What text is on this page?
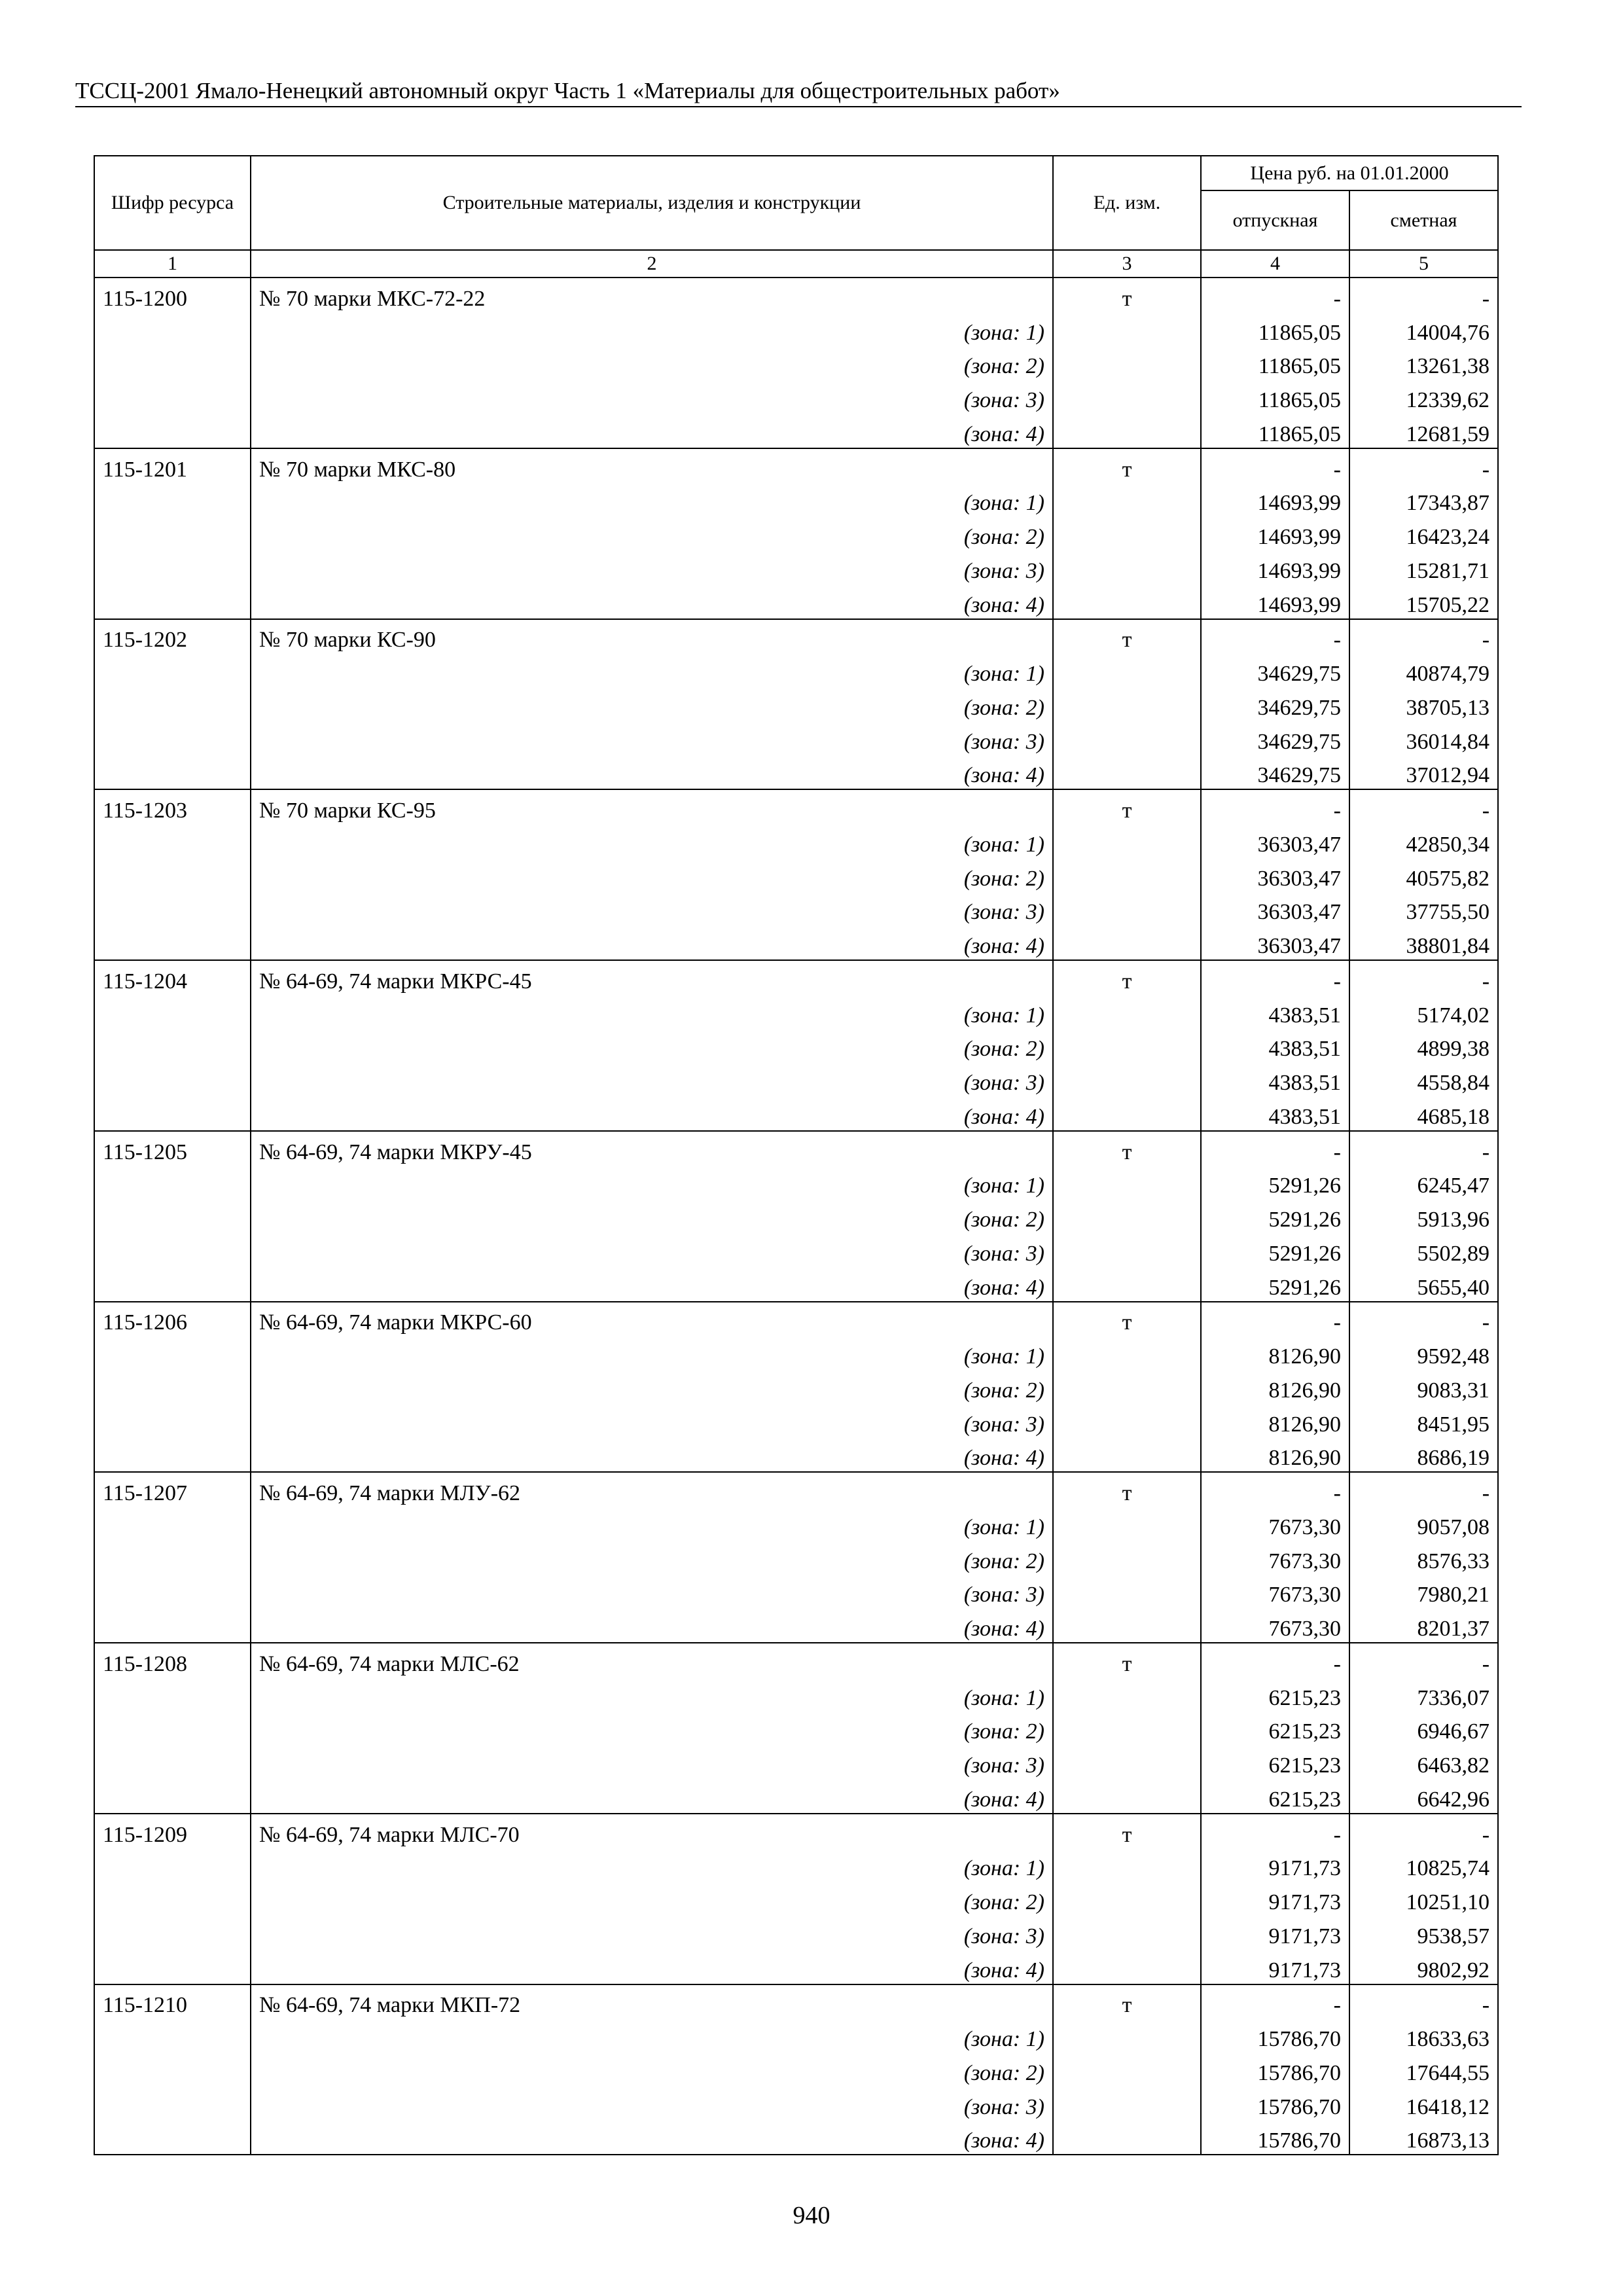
ТССЦ-2001 Ямало-Ненецкий автономный округ Часть 1 «Материалы для общестроительных работ»
Шифр ресурса	Строительные материалы, изделия и конструкции	Ед. изм.	Цена руб. на 01.01.2000	
			отпускная	сметная
1	2	3	4	5
115-1200	№ 70 марки МКС-72-22	т	-	-
	(зона: 1)		11865,05	14004,76
	(зона: 2)		11865,05	13261,38
	(зона: 3)		11865,05	12339,62
	(зона: 4)		11865,05	12681,59
115-1201	№ 70 марки МКС-80	т	-	-
	(зона: 1)		14693,99	17343,87
	(зона: 2)		14693,99	16423,24
	(зона: 3)		14693,99	15281,71
	(зона: 4)		14693,99	15705,22
115-1202	№ 70 марки КС-90	т	-	-
	(зона: 1)		34629,75	40874,79
	(зона: 2)		34629,75	38705,13
	(зона: 3)		34629,75	36014,84
	(зона: 4)		34629,75	37012,94
115-1203	№ 70 марки КС-95	т	-	-
	(зона: 1)		36303,47	42850,34
	(зона: 2)		36303,47	40575,82
	(зона: 3)		36303,47	37755,50
	(зона: 4)		36303,47	38801,84
115-1204	№ 64-69, 74 марки МКРС-45	т	-	-
	(зона: 1)		4383,51	5174,02
	(зона: 2)		4383,51	4899,38
	(зона: 3)		4383,51	4558,84
	(зона: 4)		4383,51	4685,18
115-1205	№ 64-69, 74 марки МКРУ-45	т	-	-
	(зона: 1)		5291,26	6245,47
	(зона: 2)		5291,26	5913,96
	(зона: 3)		5291,26	5502,89
	(зона: 4)		5291,26	5655,40
115-1206	№ 64-69, 74 марки МКРС-60	т	-	-
	(зона: 1)		8126,90	9592,48
	(зона: 2)		8126,90	9083,31
	(зона: 3)		8126,90	8451,95
	(зона: 4)		8126,90	8686,19
115-1207	№ 64-69, 74 марки МЛУ-62	т	-	-
	(зона: 1)		7673,30	9057,08
	(зона: 2)		7673,30	8576,33
	(зона: 3)		7673,30	7980,21
	(зона: 4)		7673,30	8201,37
115-1208	№ 64-69, 74 марки МЛС-62	т	-	-
	(зона: 1)		6215,23	7336,07
	(зона: 2)		6215,23	6946,67
	(зона: 3)		6215,23	6463,82
	(зона: 4)		6215,23	6642,96
115-1209	№ 64-69, 74 марки МЛС-70	т	-	-
	(зона: 1)		9171,73	10825,74
	(зона: 2)		9171,73	10251,10
	(зона: 3)		9171,73	9538,57
	(зона: 4)		9171,73	9802,92
115-1210	№ 64-69, 74 марки МКП-72	т	-	-
	(зона: 1)		15786,70	18633,63
	(зона: 2)		15786,70	17644,55
	(зона: 3)		15786,70	16418,12
	(зона: 4)		15786,70	16873,13
940
